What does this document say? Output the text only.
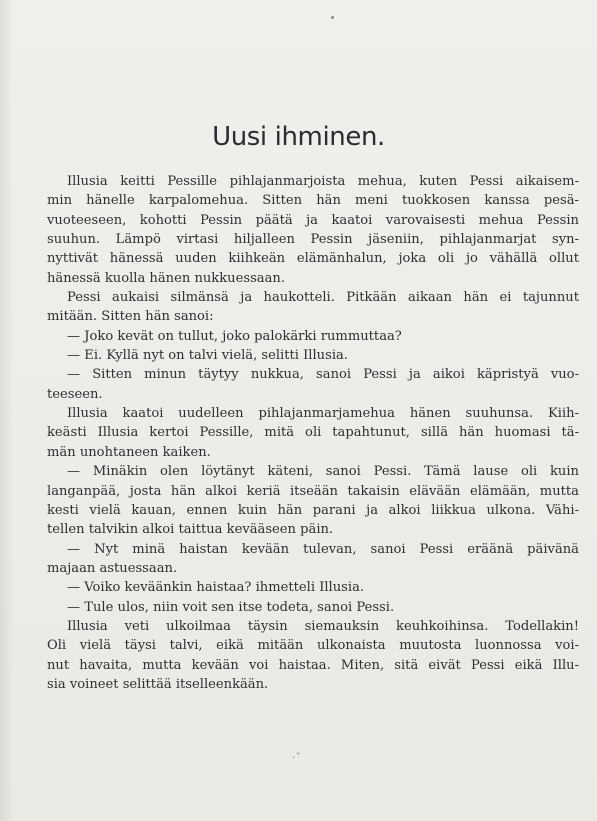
Uusi ihminen.
Illusia keitti Pessille pihlajanmarjoista mehua, kuten Pessi aikaisem-
min hänelle karpalomehua. Sitten hän meni tuokkosen kanssa pesä-
vuoteeseen, kohotti Pessin päätä ja kaatoi varovaisesti mehua Pessin
suuhun. Lämpö virtasi hiljalleen Pessin jäseniin, pihlajanmarjat syn-
nyttivät hänessä uuden kiihkeän elämänhalun, joka oli jo vähällä ollut
hänessä kuolla hänen nukkuessaan.
Pessi aukaisi silmänsä ja haukotteli. Pitkään aikaan hän ei tajunnut
mitään. Sitten hän sanoi:
— Joko kevät on tullut, joko palokärki rummuttaa?
— Ei. Kyllä nyt on talvi vielä, selitti Illusia.
— Sitten minun täytyy nukkua, sanoi Pessi ja aikoi käpristyä vuo-
teeseen.
Illusia kaatoi uudelleen pihlajanmarjamehua hänen suuhunsa. Kiih-
keästi Illusia kertoi Pessille, mitä oli tapahtunut, sillä hän huomasi tä-
män unohtaneen kaiken.
— Minäkin olen löytänyt käteni, sanoi Pessi. Tämä lause oli kuin
langanpää, josta hän alkoi keriä itseään takaisin elävään elämään, mutta
kesti vielä kauan, ennen kuin hän parani ja alkoi liikkua ulkona. Vähi-
tellen talvikin alkoi taittua kevääseen päin.
— Nyt minä haistan kevään tulevan, sanoi Pessi eräänä päivänä
majaan astuessaan.
— Voiko keväänkin haistaa? ihmetteli Illusia.
— Tule ulos, niin voit sen itse todeta, sanoi Pessi.
Illusia veti ulkoilmaa täysin siemauksin keuhkoihinsa. Todellakin!
Oli vielä täysi talvi, eikä mitään ulkonaista muutosta luonnossa voi-
nut havaita, mutta kevään voi haistaa. Miten, sitä eivät Pessi eikä Illu-
sia voineet selittää itselleenkään.
·ˇ
